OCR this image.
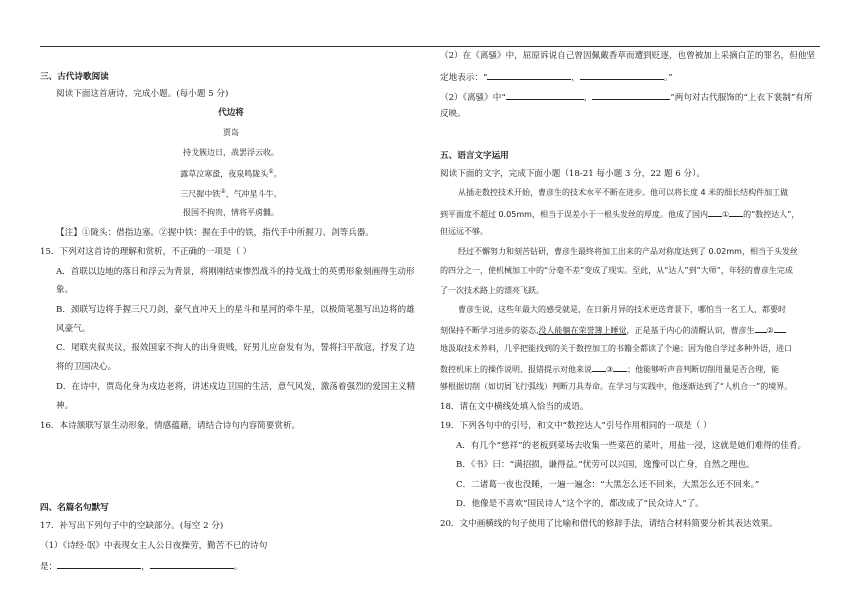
三、古代诗歌阅读
阅读下面这首唐诗，完成小题。(每小题 5 分)
代边将
贾岛
持戈簇边日，战罢浮云收。
露草泣寒蛩，夜泉鸣陇头①。
三尺握中铁②，气冲星斗牛。
报国不拘贵，情将平虏雠。
【注】①陇头：借指边塞。②握中铁：握在手中的铁，指代手中所握刀、剑等兵器。
15．下列对这首诗的理解和赏析，不正确的一项是（ ）
A．首联以边地的落日和浮云为背景，将刚刚结束惨烈战斗的持戈战士的英勇形象刻画得生动形
象。
B．颈联写边将手握三尺刀剑，豪气直冲天上的星斗和星河的牵牛星，以极简笔墨写出边将的雄
风豪气。
C．尾联夹叙夹议，报效国家不拘人的出身贵贱，好男儿应奋发有为，誓将扫平敌寇，抒发了边
将的卫国决心。
D．在诗中，贾岛化身为戍边老将，讲述戍边卫国的生活，意气风发，激荡着强烈的爱国主义精
神。
16．本诗颔联写景生动形象，情感蕴藉，请结合诗句内容简要赏析。
四、名篇名句默写
17．补写出下列句子中的空缺部分。(每空 2 分)
（1）《诗经·氓》中表现女主人公日夜操劳，勤苦不已的诗句
是：	，	。
（2）在《离骚》中，屈原诉说自己曾因佩戴香草而遭到贬逐，也曾被加上采摘白芷的罪名，但他坚
定地表示：“	，	。”
（2）《离骚》中“	，	”两句对古代服饰的“上衣下裳制”有所
反映。
五、语言文字运用
阅读下面的文字，完成下面小题（18-21 每小题 3 分，22 题 6 分）。
从插走数控技术开始，曹彦生的技术水平不断在进步。他可以将长度 4 米的细长结构件加工做
到平面度不超过 0.05mm，相当于误差小于一根头发丝的厚度。他成了国内 ① 的“数控达人”，
但远远不够。
经过不懈努力和刻苦钻研，曹彦生最终将加工出来的产品对称度达到了 0.02mm，相当于头发丝
的四分之一，使机械加工中的“分毫不差”变成了现实。至此，从“达人”到“大师”，年轻的曹彦生完成
了一次技术路上的漂亮飞跃。
曹彦生说，这些年最大的感受就是，在日新月异的技术更迭背景下，哪怕当一名工人，都要时
刻保持不断学习进步的姿态,没人能躺在荣誉簿上睡觉，正是基于内心的清醒认识，曹彦生 ②
地汲取技术养料，几乎把能找到的关于数控加工的书籍全都读了个遍；因为他自学过多种外语，进口
数控机床上的操作说明、报错提示对他来说 ③ ；他能够听声音判断切削用量是否合理，能
够根据切削（如切屑飞行弧线）判断刀具寿命。在学习与实践中，他逐渐达到了“人机合一”的境界。
18．请在文中横线处填入恰当的成语。
19．下列各句中的引号，和文中“数控达人”引号作用相同的一项是（ ）
A．有几个“慈祥”的老板到菜场去收集一些菜芭的菜叶，用盐一浸，这就是她们难得的佳肴。
B．《书》曰：“满招损，谦得益。”忧劳可以兴国，逸豫可以亡身，自然之理也。
C．二诸葛一夜也没睡，一遍一遍念：“大黑怎么还不回来，大黑怎么还不回来。”
D．他像是不喜欢“国民诗人”这个字的，都改成了“民众诗人”了。
20．文中画横线的句子使用了比喻和借代的修辞手法，请结合材料简要分析其表达效果。
